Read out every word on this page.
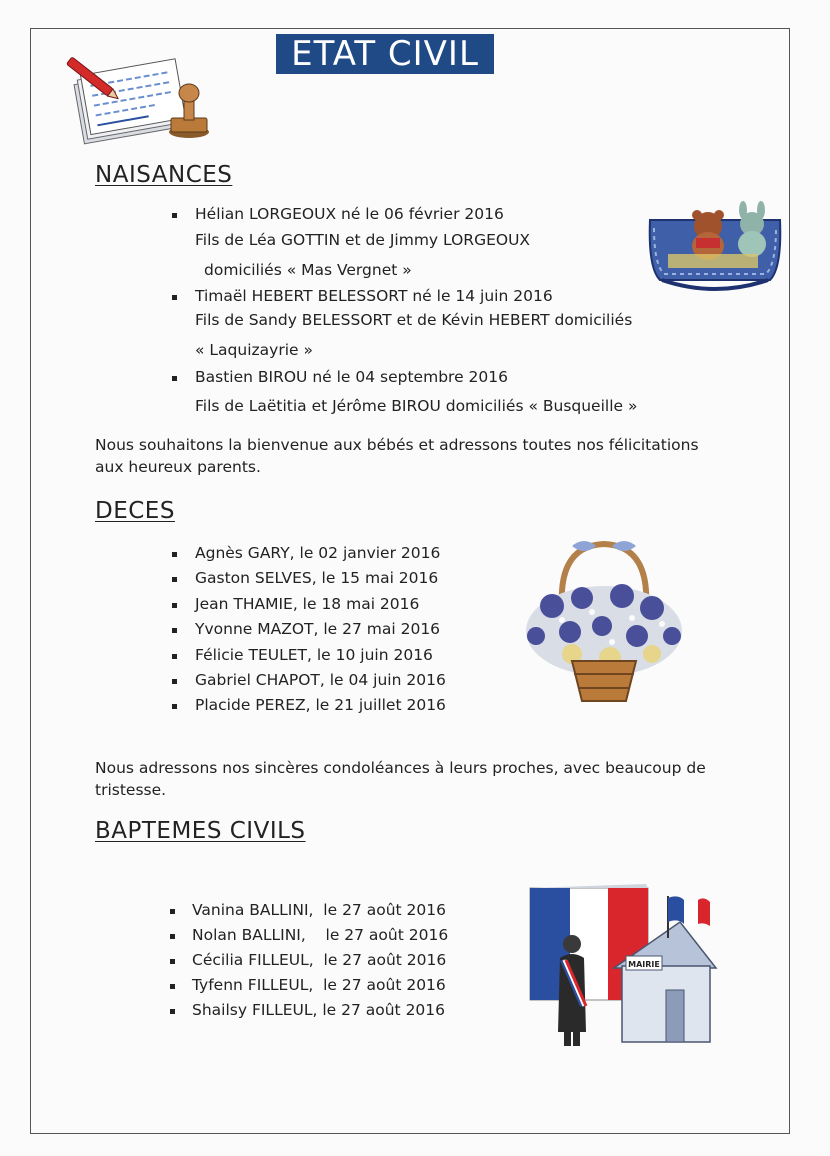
ETAT CIVIL
NAISANCES
Hélian LORGEOUX né le 06 février 2016
Fils de Léa GOTTIN et de Jimmy LORGEOUX
domiciliés « Mas Vergnet »
Timaël HEBERT BELESSORT né le 14 juin 2016
Fils de Sandy BELESSORT et de Kévin HEBERT domiciliés
« Laquizayrie »
Bastien BIROU né le 04 septembre 2016
Fils de Laëtitia et Jérôme BIROU domiciliés « Busqueille »
Nous souhaitons la bienvenue aux bébés et adressons toutes nos félicitations aux heureux parents.
DECES
Agnès GARY, le 02 janvier 2016
Gaston SELVES, le 15 mai 2016
Jean THAMIE, le 18 mai 2016
Yvonne MAZOT, le 27 mai 2016
Félicie TEULET, le 10 juin 2016
Gabriel CHAPOT, le 04 juin 2016
Placide PEREZ, le 21 juillet 2016
Nous adressons nos sincères condoléances à leurs proches, avec beaucoup de tristesse.
BAPTEMES CIVILS
Vanina BALLINI,  le 27 août 2016
Nolan BALLINI,    le 27 août 2016
Cécilia FILLEUL,  le 27 août 2016
Tyfenn FILLEUL,  le 27 août 2016
Shailsy FILLEUL, le 27 août 2016
MAIRIE
